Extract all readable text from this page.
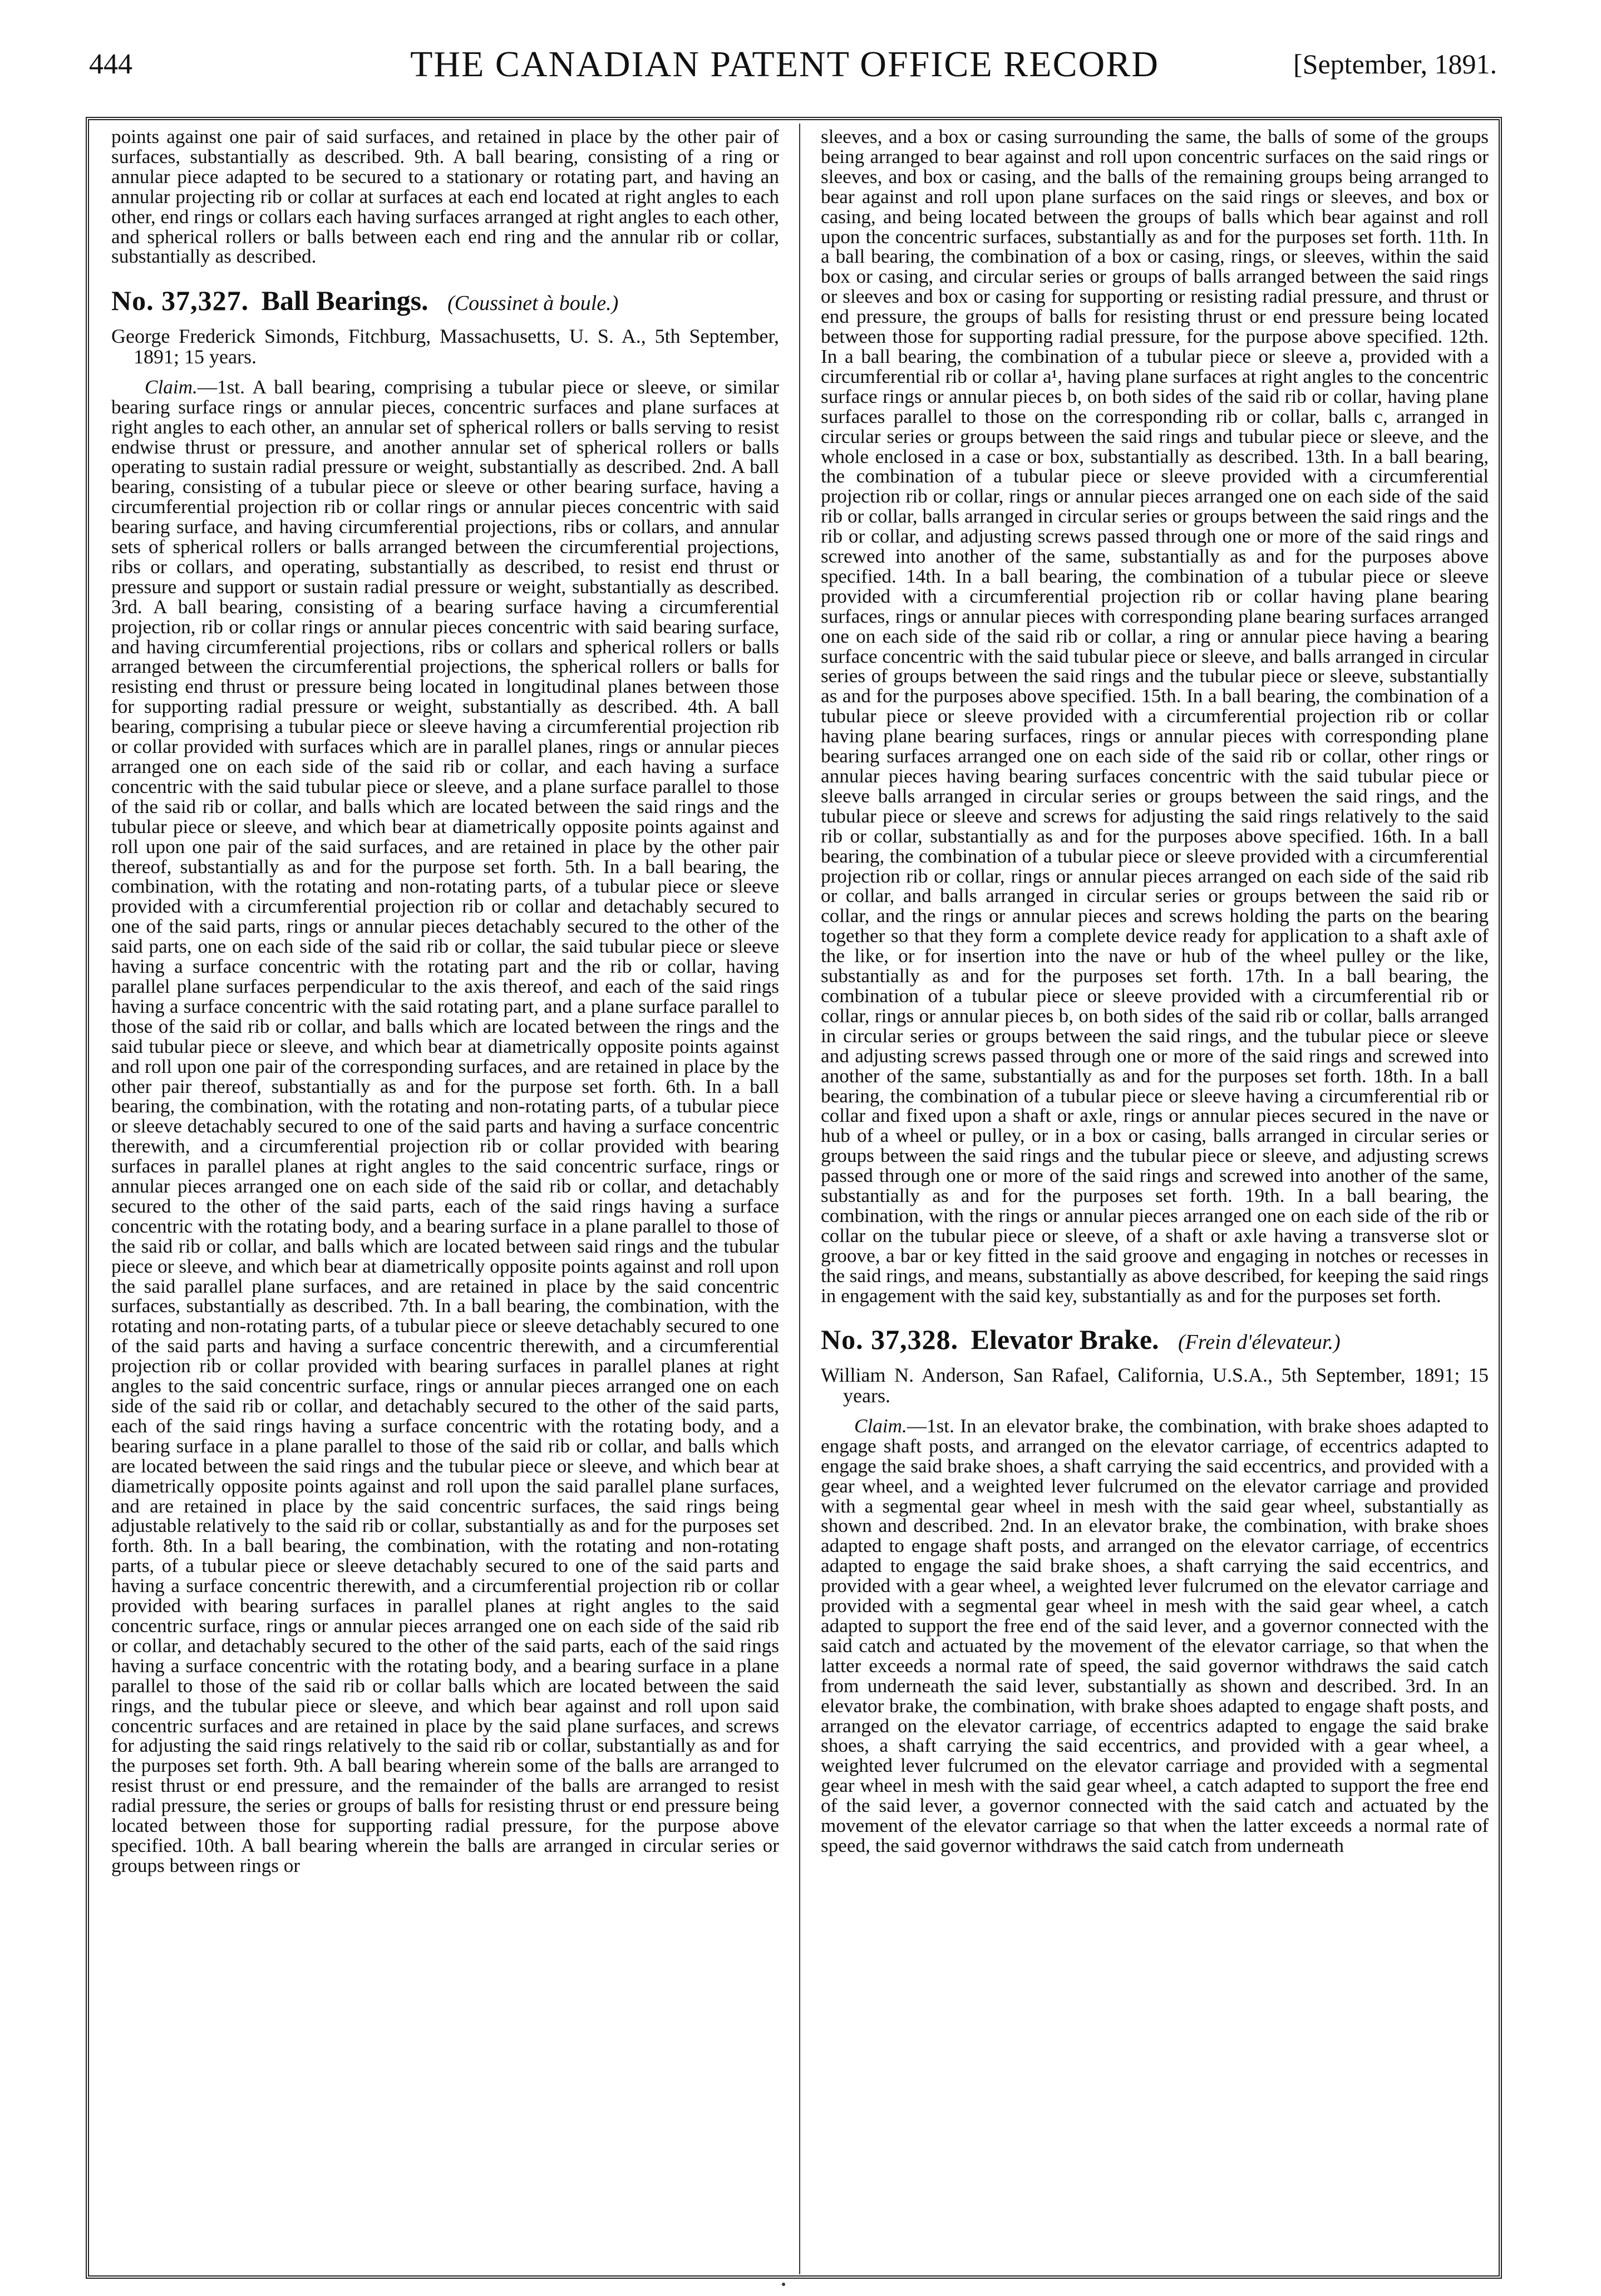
444	THE CANADIAN PATENT OFFICE RECORD	[September, 1891.

points against one pair of said surfaces, and retained in place by the other pair of surfaces, substantially as described. 9th. A ball bearing, consisting of a ring or annular piece adapted to be secured to a stationary or rotating part, and having an annular projecting rib or collar at surfaces at each end located at right angles to each other, end rings or collars each having surfaces arranged at right angles to each other, and spherical rollers or balls between each end ring and the annular rib or collar, substantially as described.

No. 37,327. Ball Bearings. (Coussinet à boule.)

George Frederick Simonds, Fitchburg, Massachusetts, U. S. A., 5th September, 1891; 15 years.

Claim.—1st. A ball bearing, comprising a tubular piece or sleeve, or similar bearing surface rings or annular pieces, concentric surfaces and plane surfaces at right angles to each other, an annular set of spherical rollers or balls serving to resist endwise thrust or pressure, and another annular set of spherical rollers or balls operating to sustain radial pressure or weight, substantially as described. 2nd. A ball bearing, consisting of a tubular piece or sleeve or other bearing surface, having a circumferential projection rib or collar rings or annular pieces concentric with said bearing surface, and having circumferential projections, ribs or collars, and annular sets of spherical rollers or balls arranged between the circumferential projections, ribs or collars, and operating, substantially as described, to resist end thrust or pressure and support or sustain radial pressure or weight, substantially as described. 3rd. A ball bearing, consisting of a bearing surface having a circumferential projection, rib or collar rings or annular pieces concentric with said bearing surface, and having circumferential projections, ribs or collars and spherical rollers or balls arranged between the circumferential projections, the spherical rollers or balls for resisting end thrust or pressure being located in longitudinal planes between those for supporting radial pressure or weight, substantially as described. 4th. A ball bearing, comprising a tubular piece or sleeve having a circumferential projection rib or collar provided with surfaces which are in parallel planes, rings or annular pieces arranged one on each side of the said rib or collar, and each having a surface concentric with the said tubular piece or sleeve, and a plane surface parallel to those of the said rib or collar, and balls which are located between the said rings and the tubular piece or sleeve, and which bear at diametrically opposite points against and roll upon one pair of the said surfaces, and are retained in place by the other pair thereof, substantially as and for the purpose set forth. 5th. In a ball bearing, the combination, with the rotating and non-rotating parts, of a tubular piece or sleeve provided with a circumferential projection rib or collar and detachably secured to one of the said parts, rings or annular pieces detachably secured to the other of the said parts, one on each side of the said rib or collar, the said tubular piece or sleeve having a surface concentric with the rotating part and the rib or collar, having parallel plane surfaces perpendicular to the axis thereof, and each of the said rings having a surface concentric with the said rotating part, and a plane surface parallel to those of the said rib or collar, and balls which are located between the rings and the said tubular piece or sleeve, and which bear at diametrically opposite points against and roll upon one pair of the corresponding surfaces, and are retained in place by the other pair thereof, substantially as and for the purpose set forth. 6th. In a ball bearing, the combination, with the rotating and non-rotating parts, of a tubular piece or sleeve detachably secured to one of the said parts and having a surface concentric therewith, and a circumferential projection rib or collar provided with bearing surfaces in parallel planes at right angles to the said concentric surface, rings or annular pieces arranged one on each side of the said rib or collar, and detachably secured to the other of the said parts, each of the said rings having a surface concentric with the rotating body, and a bearing surface in a plane parallel to those of the said rib or collar, and balls which are located between said rings and the tubular piece or sleeve, and which bear at diametrically opposite points against and roll upon the said parallel plane surfaces, and are retained in place by the said concentric surfaces, substantially as described. 7th. In a ball bearing, the combination, with the rotating and non-rotating parts, of a tubular piece or sleeve detachably secured to one of the said parts and having a surface concentric therewith, and a circumferential projection rib or collar provided with bearing surfaces in parallel planes at right angles to the said concentric surface, rings or annular pieces arranged one on each side of the said rib or collar, and detachably secured to the other of the said parts, each of the said rings having a surface concentric with the rotating body, and a bearing surface in a plane parallel to those of the said rib or collar, and balls which are located between the said rings and the tubular piece or sleeve, and which bear at diametrically opposite points against and roll upon the said parallel plane surfaces, and are retained in place by the said concentric surfaces, the said rings being adjustable relatively to the said rib or collar, substantially as and for the purposes set forth. 8th. In a ball bearing, the combination, with the rotating and non-rotating parts, of a tubular piece or sleeve detachably secured to one of the said parts and having a surface concentric therewith, and a circumferential projection rib or collar provided with bearing surfaces in parallel planes at right angles to the said concentric surface, rings or annular pieces arranged one on each side of the said rib or collar, and detachably secured to the other of the said parts, each of the said rings having a surface concentric with the rotating body, and a bearing surface in a plane parallel to those of the said rib or collar balls which are located between the said rings, and the tubular piece or sleeve, and which bear against and roll upon said concentric surfaces and are retained in place by the said plane surfaces, and screws for adjusting the said rings relatively to the said rib or collar, substantially as and for the purposes set forth. 9th. A ball bearing wherein some of the balls are arranged to resist thrust or end pressure, and the remainder of the balls are arranged to resist radial pressure, the series or groups of balls for resisting thrust or end pressure being located between those for supporting radial pressure, for the purpose above specified. 10th. A ball bearing wherein the balls are arranged in circular series or groups between rings or

sleeves, and a box or casing surrounding the same, the balls of some of the groups being arranged to bear against and roll upon concentric surfaces on the said rings or sleeves, and box or casing, and the balls of the remaining groups being arranged to bear against and roll upon plane surfaces on the said rings or sleeves, and box or casing, and being located between the groups of balls which bear against and roll upon the concentric surfaces, substantially as and for the purposes set forth. 11th. In a ball bearing, the combination of a box or casing, rings, or sleeves, within the said box or casing, and circular series or groups of balls arranged between the said rings or sleeves and box or casing for supporting or resisting radial pressure, and thrust or end pressure, the groups of balls for resisting thrust or end pressure being located between those for supporting radial pressure, for the purpose above specified. 12th. In a ball bearing, the combination of a tubular piece or sleeve a, provided with a circumferential rib or collar a¹, having plane surfaces at right angles to the concentric surface rings or annular pieces b, on both sides of the said rib or collar, having plane surfaces parallel to those on the corresponding rib or collar, balls c, arranged in circular series or groups between the said rings and tubular piece or sleeve, and the whole enclosed in a case or box, substantially as described. 13th. In a ball bearing, the combination of a tubular piece or sleeve provided with a circumferential projection rib or collar, rings or annular pieces arranged one on each side of the said rib or collar, balls arranged in circular series or groups between the said rings and the rib or collar, and adjusting screws passed through one or more of the said rings and screwed into another of the same, substantially as and for the purposes above specified. 14th. In a ball bearing, the combination of a tubular piece or sleeve provided with a circumferential projection rib or collar having plane bearing surfaces, rings or annular pieces with corresponding plane bearing surfaces arranged one on each side of the said rib or collar, a ring or annular piece having a bearing surface concentric with the said tubular piece or sleeve, and balls arranged in circular series of groups between the said rings and the tubular piece or sleeve, substantially as and for the purposes above specified. 15th. In a ball bearing, the combination of a tubular piece or sleeve provided with a circumferential projection rib or collar having plane bearing surfaces, rings or annular pieces with corresponding plane bearing surfaces arranged one on each side of the said rib or collar, other rings or annular pieces having bearing surfaces concentric with the said tubular piece or sleeve balls arranged in circular series or groups between the said rings, and the tubular piece or sleeve and screws for adjusting the said rings relatively to the said rib or collar, substantially as and for the purposes above specified. 16th. In a ball bearing, the combination of a tubular piece or sleeve provided with a circumferential projection rib or collar, rings or annular pieces arranged on each side of the said rib or collar, and balls arranged in circular series or groups between the said rib or collar, and the rings or annular pieces and screws holding the parts on the bearing together so that they form a complete device ready for application to a shaft axle of the like, or for insertion into the nave or hub of the wheel pulley or the like, substantially as and for the purposes set forth. 17th. In a ball bearing, the combination of a tubular piece or sleeve provided with a circumferential rib or collar, rings or annular pieces b, on both sides of the said rib or collar, balls arranged in circular series or groups between the said rings, and the tubular piece or sleeve and adjusting screws passed through one or more of the said rings and screwed into another of the same, substantially as and for the purposes set forth. 18th. In a ball bearing, the combination of a tubular piece or sleeve having a circumferential rib or collar and fixed upon a shaft or axle, rings or annular pieces secured in the nave or hub of a wheel or pulley, or in a box or casing, balls arranged in circular series or groups between the said rings and the tubular piece or sleeve, and adjusting screws passed through one or more of the said rings and screwed into another of the same, substantially as and for the purposes set forth. 19th. In a ball bearing, the combination, with the rings or annular pieces arranged one on each side of the rib or collar on the tubular piece or sleeve, of a shaft or axle having a transverse slot or groove, a bar or key fitted in the said groove and engaging in notches or recesses in the said rings, and means, substantially as above described, for keeping the said rings in engagement with the said key, substantially as and for the purposes set forth.

No. 37,328. Elevator Brake. (Frein d'élevateur.)

William N. Anderson, San Rafael, California, U.S.A., 5th September, 1891; 15 years.

Claim.—1st. In an elevator brake, the combination, with brake shoes adapted to engage shaft posts, and arranged on the elevator carriage, of eccentrics adapted to engage the said brake shoes, a shaft carrying the said eccentrics, and provided with a gear wheel, and a weighted lever fulcrumed on the elevator carriage and provided with a segmental gear wheel in mesh with the said gear wheel, substantially as shown and described. 2nd. In an elevator brake, the combination, with brake shoes adapted to engage shaft posts, and arranged on the elevator carriage, of eccentrics adapted to engage the said brake shoes, a shaft carrying the said eccentrics, and provided with a gear wheel, a weighted lever fulcrumed on the elevator carriage and provided with a segmental gear wheel in mesh with the said gear wheel, a catch adapted to support the free end of the said lever, and a governor connected with the said catch and actuated by the movement of the elevator carriage, so that when the latter exceeds a normal rate of speed, the said governor withdraws the said catch from underneath the said lever, substantially as shown and described. 3rd. In an elevator brake, the combination, with brake shoes adapted to engage shaft posts, and arranged on the elevator carriage, of eccentrics adapted to engage the said brake shoes, a shaft carrying the said eccentrics, and provided with a gear wheel, a weighted lever fulcrumed on the elevator carriage and provided with a segmental gear wheel in mesh with the said gear wheel, a catch adapted to support the free end of the said lever, a governor connected with the said catch and actuated by the movement of the elevator carriage so that when the latter exceeds a normal rate of speed, the said governor withdraws the said catch from underneath
